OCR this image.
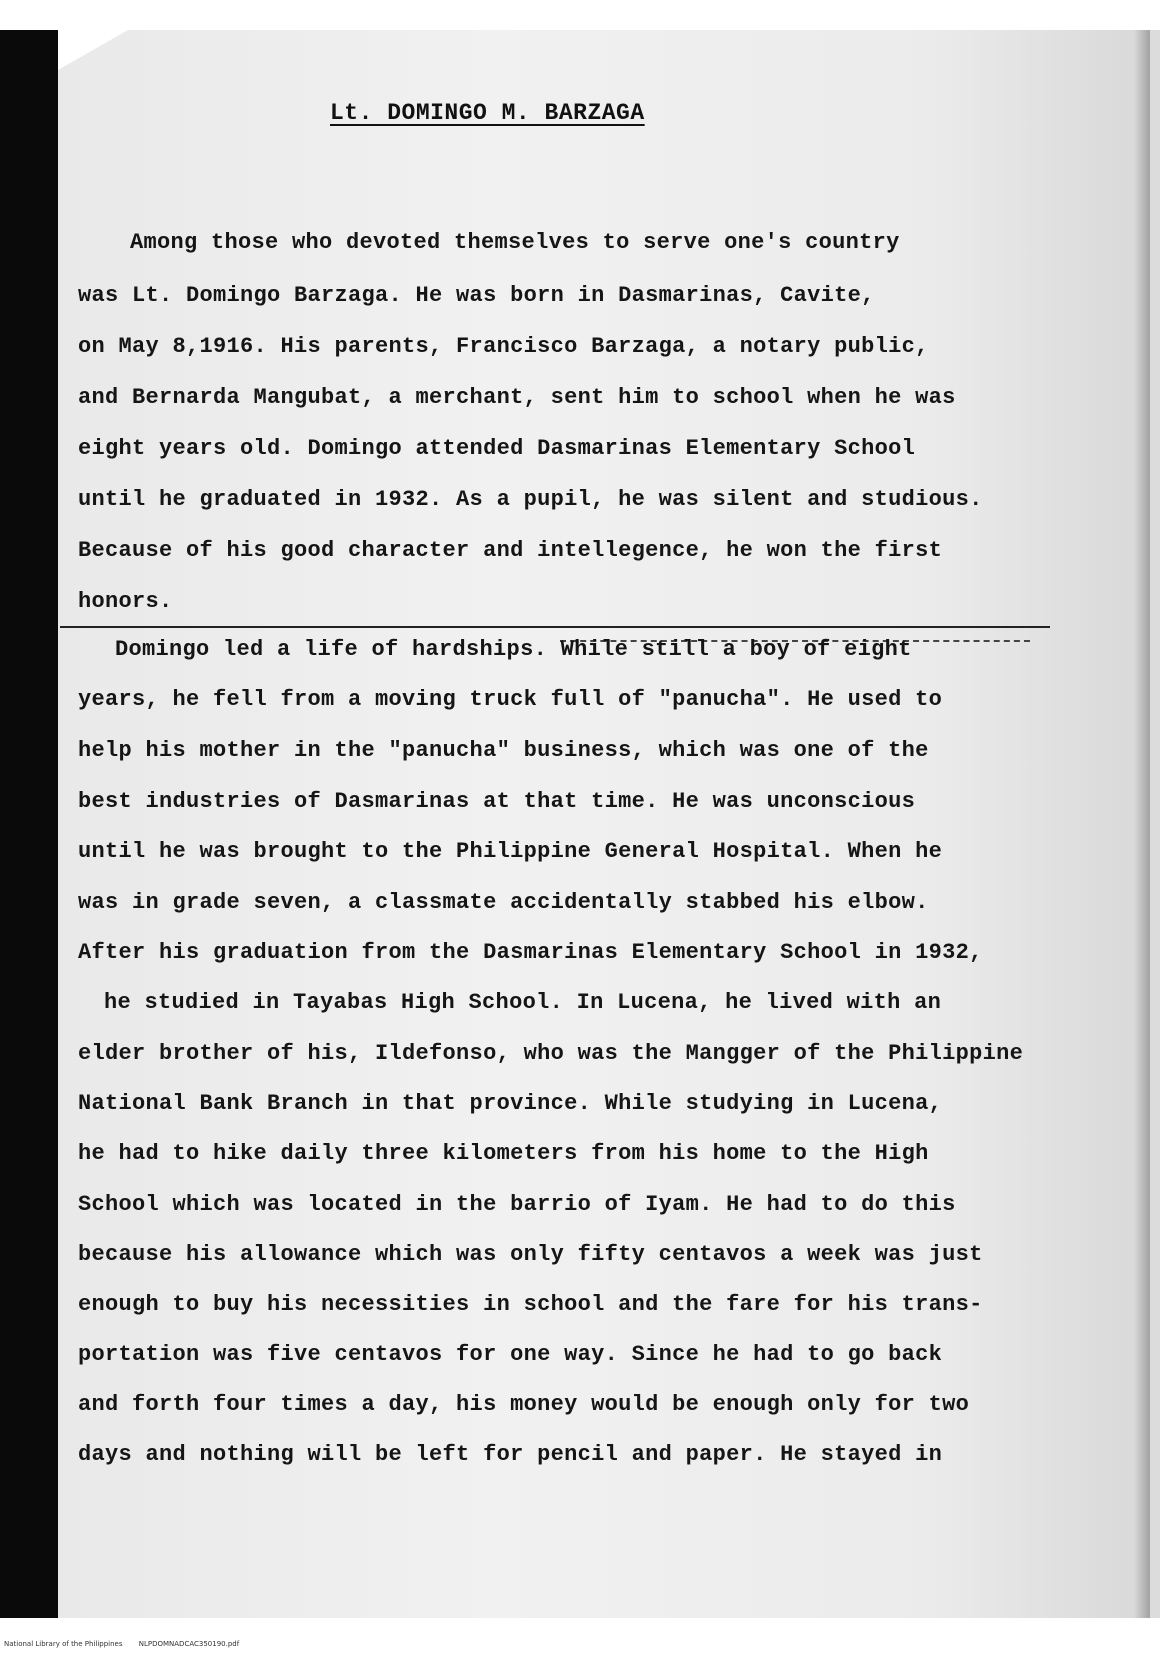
Lt. DOMINGO M. BARZAGA
Among those who devoted themselves to serve one's country
was Lt. Domingo Barzaga. He was born in Dasmarinas, Cavite,
on May 8,1916. His parents, Francisco Barzaga, a notary public,
and Bernarda Mangubat, a merchant, sent him to school when he was
eight years old. Domingo attended Dasmarinas Elementary School
until he graduated in 1932. As a pupil, he was silent and studious.
Because of his good character and intellegence, he won the first
honors.
Domingo led a life of hardships. While still a boy of eight
years, he fell from a moving truck full of "panucha". He used to
help his mother in the "panucha" business, which was one of the
best industries of Dasmarinas at that time. He was unconscious
until he was brought to the Philippine General Hospital. When he
was in grade seven, a classmate accidentally stabbed his elbow.
After his graduation from the Dasmarinas Elementary School in 1932,
he studied in Tayabas High School. In Lucena, he lived with an
elder brother of his, Ildefonso, who was the Mangger of the Philippine
National Bank Branch in that province. While studying in Lucena,
he had to hike daily three kilometers from his home to the High
School which was located in the barrio of Iyam. He had to do this
because his allowance which was only fifty centavos a week was just
enough to buy his necessities in school and the fare for his trans-
portation was five centavos for one way. Since he had to go back
and forth four times a day, his money would be enough only for two
days and nothing will be left for pencil and paper. He stayed in
National Library of the Philippines NLPDOMNADCAC350190.pdf
